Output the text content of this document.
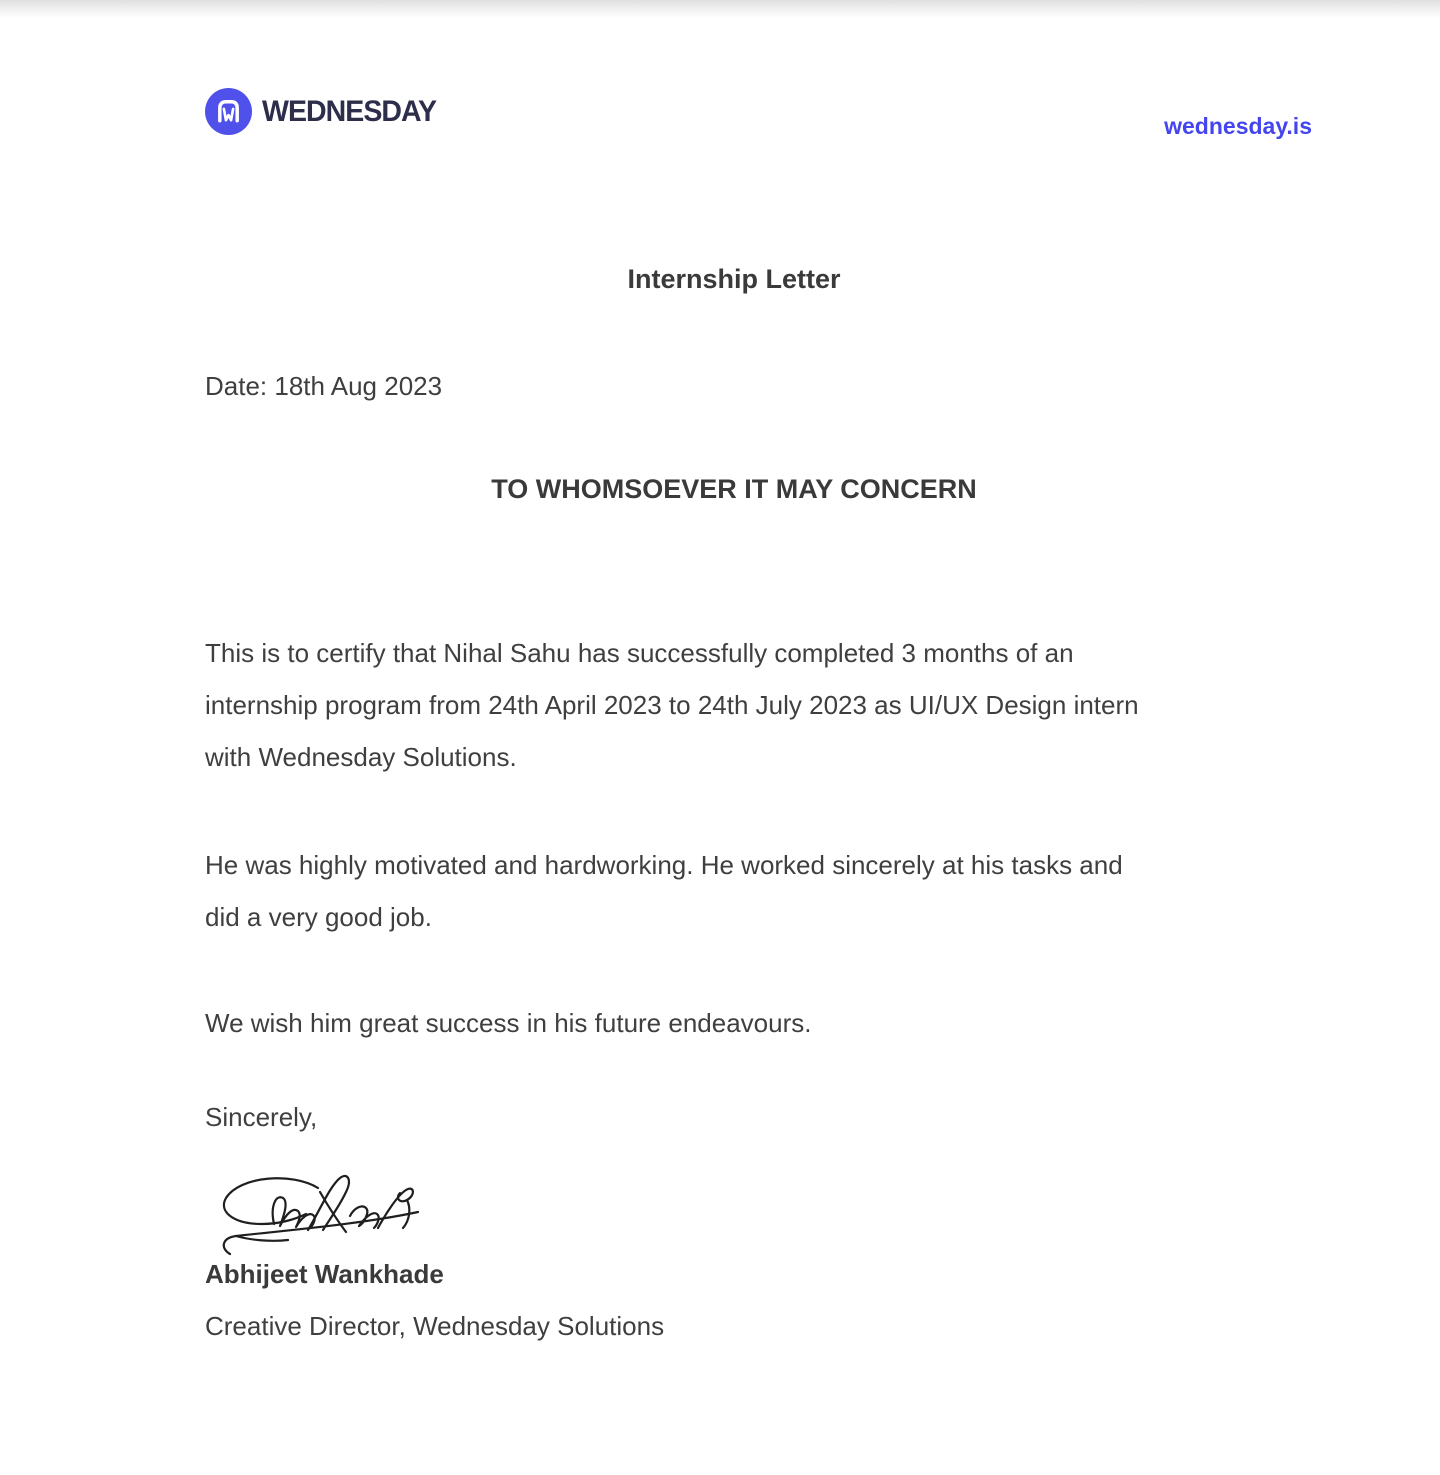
WEDNESDAY	wednesday.is
Internship Letter
Date: 18th Aug 2023
TO WHOMSOEVER IT MAY CONCERN
This is to certify that Nihal Sahu has successfully completed 3 months of an
internship program from 24th April 2023 to 24th July 2023 as UI/UX Design intern
with Wednesday Solutions.
He was highly motivated and hardworking. He worked sincerely at his tasks and
did a very good job.
We wish him great success in his future endeavours.
Sincerely,
Abhijeet Wankhade
Creative Director, Wednesday Solutions
